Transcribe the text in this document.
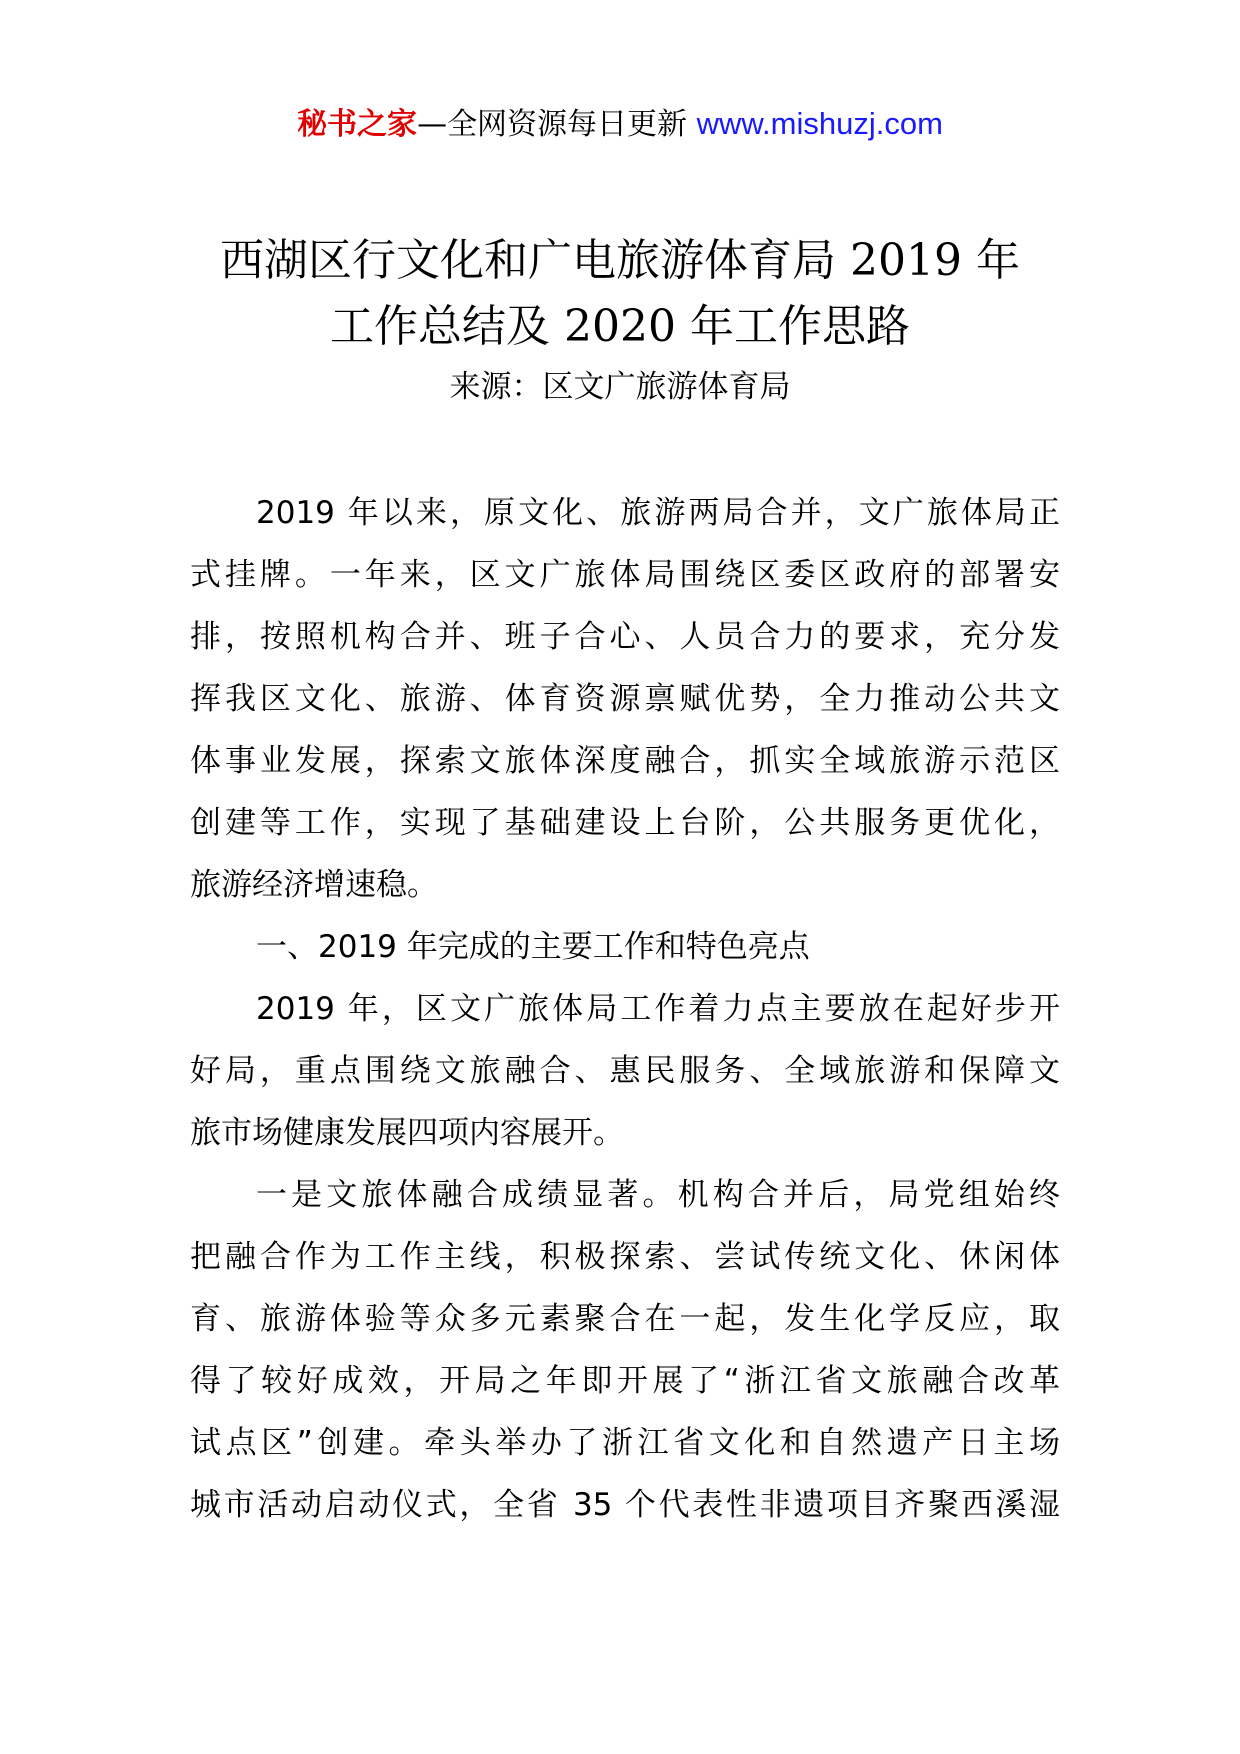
秘书之家—全网资源每日更新 www.mishuzj.com
西湖区行文化和广电旅游体育局 2019 年
工作总结及 2020 年工作思路
来源：区文广旅游体育局
2019 年以来，原文化、旅游两局合并，文广旅体局正
式挂牌。一年来，区文广旅体局围绕区委区政府的部署安
排，按照机构合并、班子合心、人员合力的要求，充分发
挥我区文化、旅游、体育资源禀赋优势，全力推动公共文
体事业发展，探索文旅体深度融合，抓实全域旅游示范区
创建等工作，实现了基础建设上台阶，公共服务更优化，
旅游经济增速稳。
一、2019 年完成的主要工作和特色亮点
2019 年，区文广旅体局工作着力点主要放在起好步开
好局，重点围绕文旅融合、惠民服务、全域旅游和保障文
旅市场健康发展四项内容展开。
一是文旅体融合成绩显著。机构合并后，局党组始终
把融合作为工作主线，积极探索、尝试传统文化、休闲体
育、旅游体验等众多元素聚合在一起，发生化学反应，取
得了较好成效，开局之年即开展了“浙江省文旅融合改革
试点区”创建。牵头举办了浙江省文化和自然遗产日主场
城市活动启动仪式，全省 35 个代表性非遗项目齐聚西溪湿
